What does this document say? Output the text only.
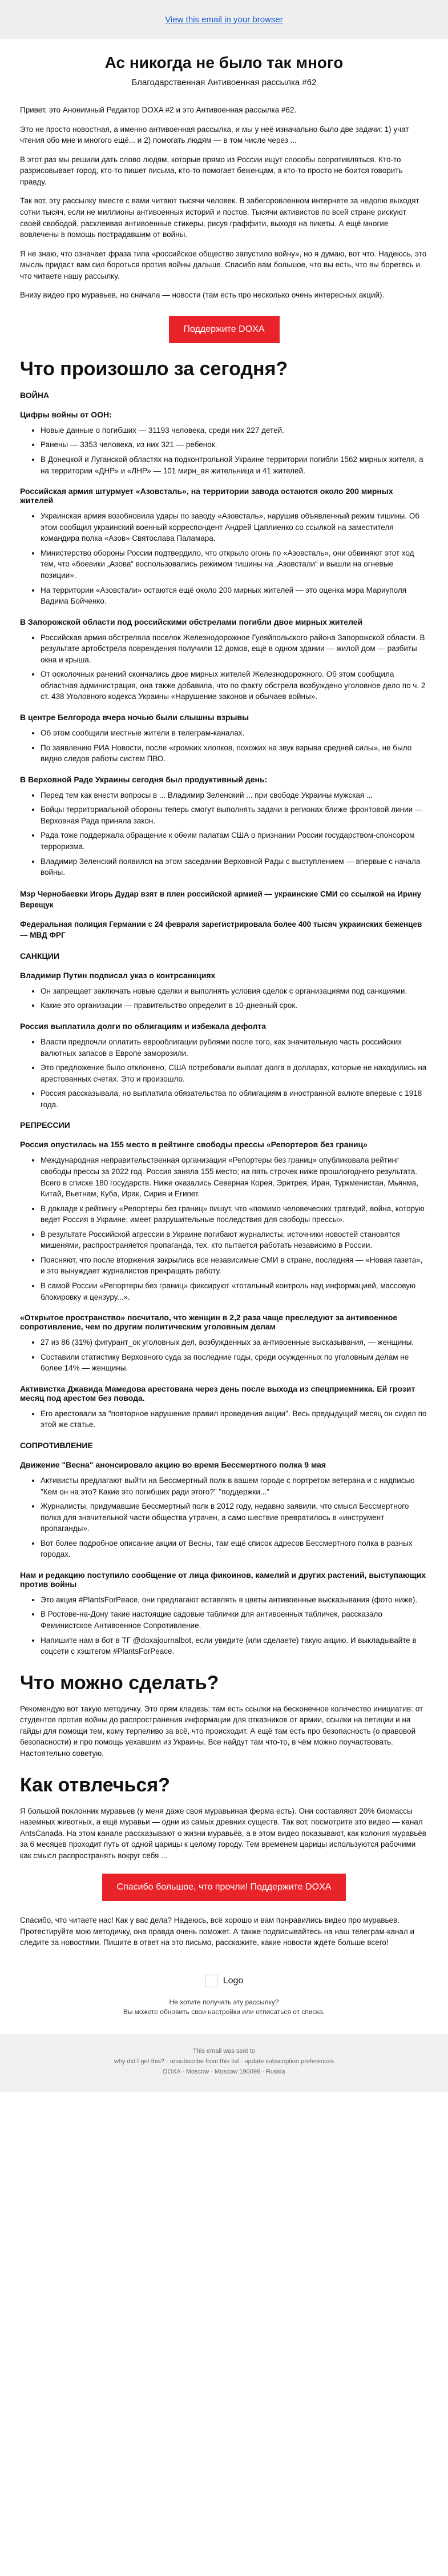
View this email in your browser
Ас никогда не было так много
Благодарственная Антивоенная рассылка #62

Привет, это Анонимный Редактор DOXA #2 и это Антивоенная рассылка #62.

Это не просто новостная, а именно антивоенная рассылка, и мы у неё изначально было две задачи: 1) учат чтения обо мне и многого ещё... и 2) помогать людям — в том числе через ...

В этот раз мы решили дать слово людям, которые прямо из России ищут способы сопротивляться. Кто-то разрисовывает город, кто-то пишет письма, кто-то помогает беженцам, а кто-то просто не боится говорить правду.

Так вот, эту рассылку вместе с вами читают тысячи человек. В забегоровленном интернете за недолю выходят сотни тысяч, если не миллионы антивоенных историй и постов. Тысячи активистов по всей стране рискуют своей свободой, расклеивая антивоенные стикеры, рисуя граффити, выходя на пикеты. А ещё многие вовлечены в помощь пострадавшим от войны.

Я не знаю, что означает фраза типа «российское общество запустило войну», но я думаю, вот что. Надеюсь, это мысль придаст вам сил бороться против войны дальше. Спасибо вам большое, что вы есть, что вы боретесь и что читаете нашу рассылку.

Внизу видео про муравьев, но сначала — новости (там есть про несколько очень интересных акций).

Поддержите DOXA
Что произошло за сегодня?
ВОЙНА
Цифры войны от ООН:
• Новые данные о погибших — 31193 человека, среди них 227 детей.
• Ранены — 3353 человека, из них 321 — ребенок.
• В Донецкой и Луганской областях на подконтрольной Украине территории погибли 1562 мирных жителя, а на территории «ДНР» и «ЛНР» — 101 мирн_ая жительница и 41 жителей.
Российская армия штурмует «Азовсталь», на территории завода остаются около 200 мирных жителей
• Украинская армия возобновила удары по заводу «Азовсталь», нарушив объявленный режим тишины. Об этом сообщил украинский военный корреспондент Андрей Цаплиенко со ссылкой на заместителя командира полка «Азов» Святослава Паламара.
• Министерство обороны России подтвердило, что открыло огонь по «Азовсталь», они обвиняют этот ход тем, что «боевики „Азова“ воспользовались режимом тишины на „Азовстали“ и вышли на огневые позиции».
• На территории «Азовстали» остаются ещё около 200 мирных жителей — это оценка мэра Мариуполя Вадима Бойченко.
В Запорожской области под российскими обстрелами погибли двое мирных жителей
• Российская армия обстреляла поселок Железнодорожное Гуляйпольского района Запорожской области. В результате артобстрела повреждения получили 12 домов, ещё в одном здании — жилой дом — разбиты окна и крыша.
• От осколочных ранений скончались двое мирных жителей Железнодорожного. Об этом сообщила областная администрация, она также добавила, что по факту обстрела возбуждено уголовное дело по ч. 2 ст. 438 Уголовного кодекса Украины «Нарушение законов и обычаев войны».
В центре Белгорода вчера ночью были слышны взрывы
• Об этом сообщили местные жители в телеграм-каналах.
• По заявлению РИА Новости, после «громких хлопков, похожих на звук взрыва средней силы», не было видно следов работы систем ПВО.
В Верховной Раде Украины сегодня был продуктивный день:
• Перед тем как внести вопросы в ... Владимир Зеленский ... при свободе Украины мужская ...
• Бойцы территориальной обороны теперь смогут выполнять задачи в регионах ближе фронтовой линии — Верховная Рада приняла закон.
• Рада тоже поддержала обращение к обеим палатам США о признании России государством-спонсором терроризма.
• Владимир Зеленский появился на этом заседании Верховной Рады с выступлением — впервые с начала войны.

Мэр Чернобаевки Игорь Дудар взят в плен российской армией — украинские СМИ со ссылкой на Ирину Верещук

Федеральная полиция Германии с 24 февраля зарегистрировала более 400 тысяч украинских беженцев — МВД ФРГ

САНКЦИИ
Владимир Путин подписал указ о контрсанкциях
• Он запрещает заключать новые сделки и выполнять условия сделок с организациями под санкциями.
• Какие это организации — правительство определит в 10-дневный срок.
Россия выплатила долги по облигациям и избежала дефолта
• Власти предпочли оплатить еврооблигации рублями после того, как значительную часть российских валютных запасов в Европе заморозили.
• Это предложение было отклонено, США потребовали выплат долга в долларах, которые не находились на арестованных счетах. Это и произошло.
• Россия рассказывала, но выплатила обязательства по облигациям в иностранной валюте впервые с 1918 года.
РЕПРЕССИИ
Россия опустилась на 155 место в рейтинге свободы прессы «Репортеров без границ»
• Международная неправительственная организация «Репортеры без границ» опубликовала рейтинг свободы прессы за 2022 год. Россия заняла 155 место; на пять строчек ниже прошлогоднего результата. Всего в списке 180 государств. Ниже оказались Северная Корея, Эритрея, Иран, Туркменистан, Мьянма, Китай, Вьетнам, Куба, Ирак, Сирия и Египет.
• В докладе к рейтингу «Репортеры без границ» пишут, что «помимо человеческих трагедий, война, которую ведет Россия в Украине, имеет разрушительные последствия для свободы прессы».
• В результате Российской агрессии в Украине погибают журналисты, источники новостей становятся мишенями, распространяется пропаганда, тех, кто пытается работать независимо в России.
• Поясняют, что после вторжения закрылись все независимые СМИ в стране, последняя — «Новая газета», и это вынуждает журналистов прекращать работу.
• В самой России «Репортеры без границ» фиксируют «тотальный контроль над информацией, массовую блокировку и цензуру...».
«Открытое пространство» посчитало, что женщин в 2,2 раза чаще преследуют за антивоенное сопротивление, чем по другим политическим уголовным делам
• 27 из 86 (31%) фигурант_ок уголовных дел, возбужденных за антивоенные высказывания, — женщины.
• Составили статистику Верховного суда за последние годы, среди осужденных по уголовным делам не более 14% — женщины.
Активистка Джавида Мамедова арестована через день после выхода из спецприемника. Ей грозит месяц под арестом без повода.
• Его арестовали за "повторное нарушение правил проведения акции". Весь предыдущий месяц он сидел по этой же статье.
СОПРОТИВЛЕНИЕ
Движение "Весна" анонсировало акцию во время Бессмертного полка 9 мая
• Активисты предлагают выйти на Бессмертный полк в вашем городе с портретом ветерана и с надписью "Кем он на это? Какие это погибших ради этого?" "поддержки..."
• Журналисты, придумавшие Бессмертный полк в 2012 году, недавно заявили, что смысл Бессмертного полка для значительной части общества утрачен, а само шествие превратилось в «инструмент пропаганды».
• Вот более подробное описание акции от Весны, там ещё список адресов Бессмертного полка в разных городах.
Нам и редакцию поступило сообщение от лица фикоинов, камелий и других растений, выступающих против войны
• Это акция #PlantsForPeace, они предлагают вставлять в цветы антивоенные высказывания (фото ниже).
• В Ростове-на-Дону такие настоящие садовые таблички для антивоенных табличек, рассказало Феминистское Антивоенное Сопротивление.
• Напишите нам в бот в ТГ @doxajournalbot, если увидите (или сделаете) такую акцию. И выкладывайте в соцсети с хэштегом #PlantsForPeace.
Что можно сделать?

Рекомендую вот такую методичку. Это прям кладезь: там есть ссылки на бесконечное количество инициатив: от студентов против войны до распространения информации для отказников от армии, ссылки на петиции и на гайды для помощи тем, кому терпеливо за всё, что происходит. А ещё там есть про безопасность (о правовой безопасности) и про помощь уехавшим из Украины. Все найдут там что-то, в чём можно поучаствовать. Настоятельно советую.

Как отвлечься?

Я большой поклонник муравьев (у меня даже своя муравьиная ферма есть). Они составляют 20% биомассы наземных животных, а ещё муравьи — одни из самых древних существ. Так вот, посмотрите это видео — канал AntsCanada. На этом канале рассказывают о жизни муравьёв, а в этом видео показывают, как колония муравьёв за 6 месяцев проходит путь от одной царицы к целому городу. Тем временем царицы используются рабочими как смысл распространять вокруг себя ...

Спасибо большое, что прочли! Поддержите DOXA

Спасибо, что читаете нас! Как у вас дела? Надеюсь, всё хорошо и вам понравились видео про муравьев. Протестируйте мою методичку, она правда очень поможет. А также подписывайтесь на наш телеграм-канал и следите за новостями. Пишите в ответ на это письмо, расскажите, какие новости ждёте больше всего!

Logo
Не хотите получать эту рассылку?
Вы можете обновить свои настройки или отписаться от списка.
This email was sent to
why did I get this? · unsubscribe from this list · update subscription preferences
DOXA · Moscow · Moscow 190098 · Russia
